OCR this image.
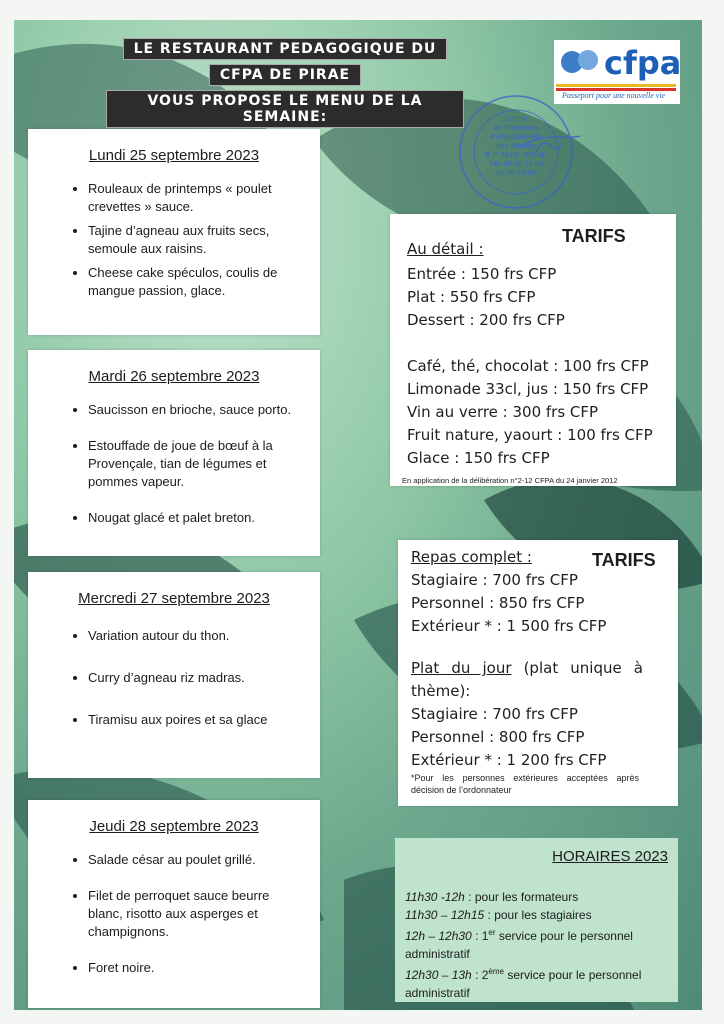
LE RESTAURANT PEDAGOGIQUE DU
CFPA DE PIRAE
VOUS PROPOSE LE MENU DE LA SEMAINE:
cfpa
Passeport pour une nouvelle vie
Centre
de Formation
Professionnelle
des Adultes
B.P. 5610 - PIRAE
Tél. 40.50.74.50
40.50.75.50
Lundi 25 septembre 2023
• Rouleaux de printemps « poulet crevettes » sauce.
• Tajine d’agneau aux fruits secs, semoule aux raisins.
• Cheese cake spéculos, coulis de mangue passion, glace.
Mardi 26 septembre 2023
• Saucisson en brioche, sauce porto.
• Estouffade de joue de bœuf à la Provençale, tian de légumes et pommes vapeur.
• Nougat glacé et palet breton.
Mercredi 27 septembre 2023
• Variation autour du thon.
• Curry d’agneau riz madras.
• Tiramisu aux poires et sa glace
Jeudi 28 septembre 2023
• Salade césar au poulet grillé.
• Filet de perroquet sauce beurre blanc, risotto aux asperges et champignons.
• Foret noire.
TARIFS
Au détail :
Entrée : 150 frs CFP
Plat : 550 frs CFP
Dessert : 200 frs CFP
Café, thé, chocolat : 100 frs CFP
Limonade 33cl, jus : 150 frs CFP
Vin au verre : 300 frs CFP
Fruit nature, yaourt : 100 frs CFP
Glace : 150 frs CFP
En application de la délibération n°2-12 CFPA du 24 janvier 2012
TARIFS
Repas complet :
Stagiaire : 700 frs CFP
Personnel : 850 frs CFP
Extérieur * : 1 500 frs CFP
Plat du jour (plat unique à thème):
Stagiaire : 700 frs CFP
Personnel : 800 frs CFP
Extérieur * : 1 200 frs CFP
*Pour les personnes extérieures acceptées après décision de l’ordonnateur
HORAIRES 2023
11h30 -12h : pour les formateurs
11h30 – 12h15 : pour les stagiaires
12h – 12h30 : 1er service pour le personnel administratif
12h30 – 13h : 2ème service pour le personnel administratif
